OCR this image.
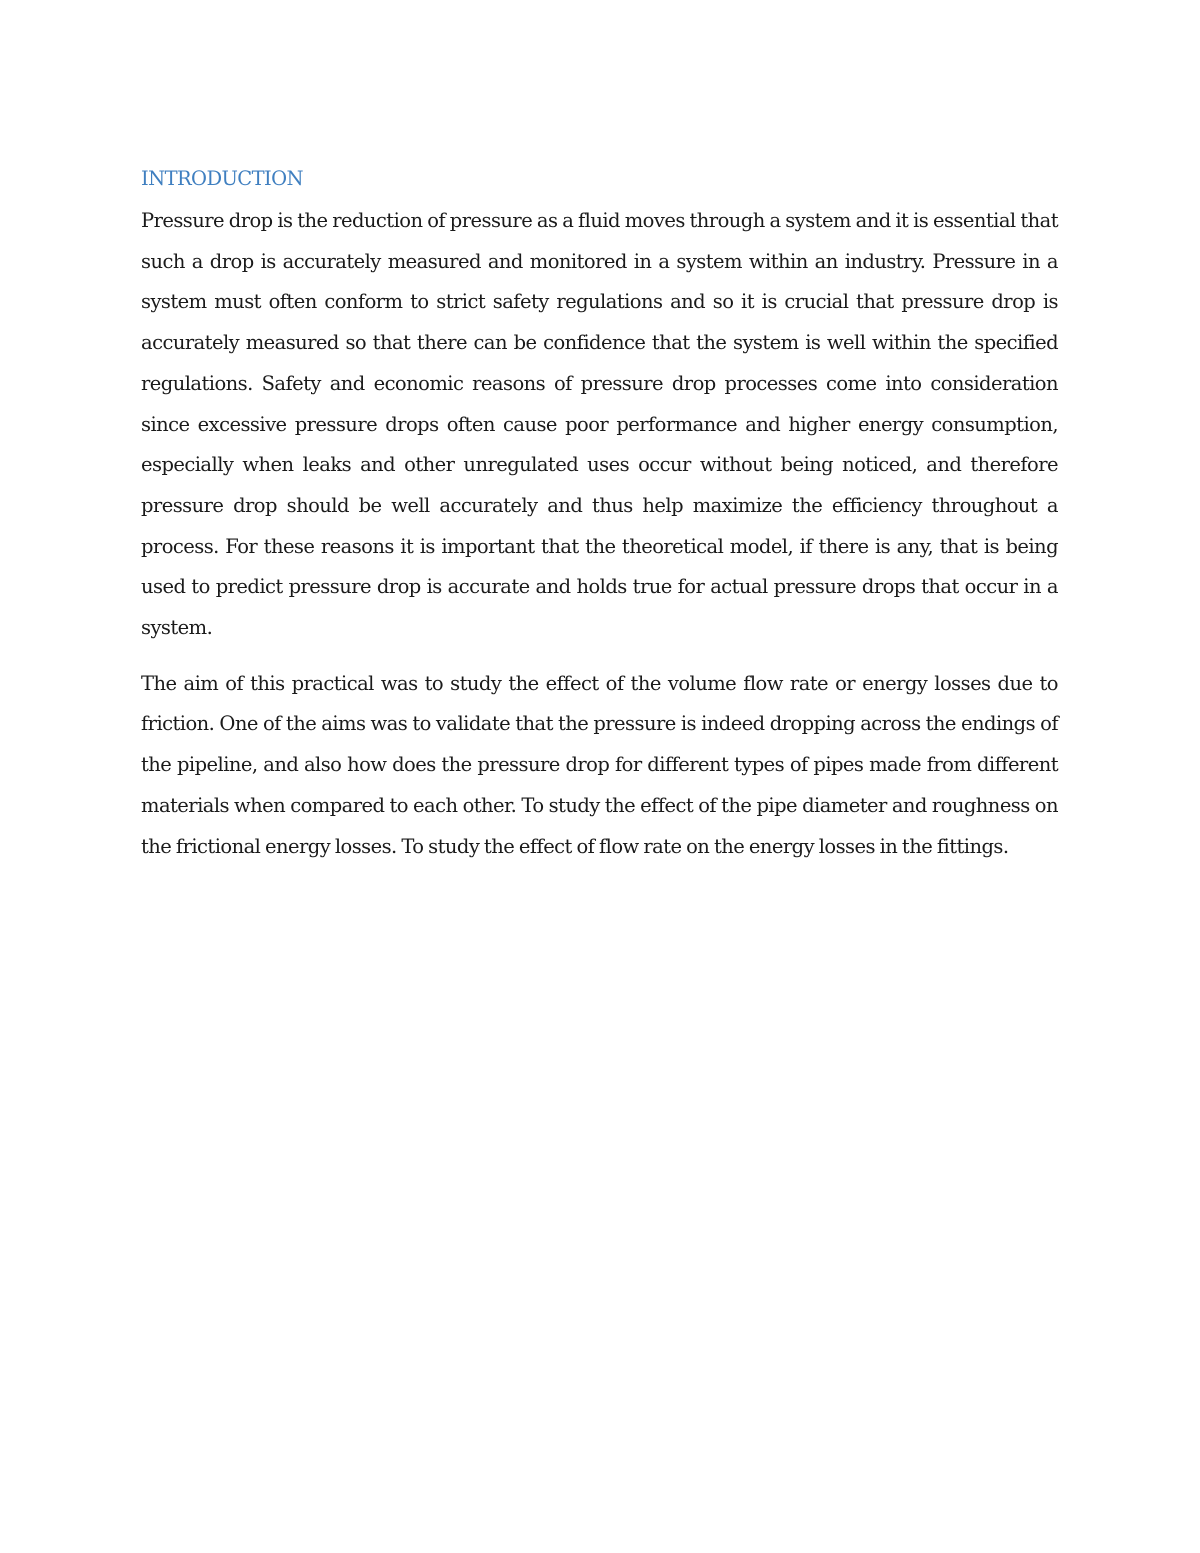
INTRODUCTION

Pressure drop is the reduction of pressure as a fluid moves through a system and it is essential that such a drop is accurately measured and monitored in a system within an industry. Pressure in a system must often conform to strict safety regulations and so it is crucial that pressure drop is accurately measured so that there can be confidence that the system is well within the specified regulations. Safety and economic reasons of pressure drop processes come into consideration since excessive pressure drops often cause poor performance and higher energy consumption, especially when leaks and other unregulated uses occur without being noticed, and therefore pressure drop should be well accurately and thus help maximize the efficiency throughout a process. For these reasons it is important that the theoretical model, if there is any, that is being used to predict pressure drop is accurate and holds true for actual pressure drops that occur in a system.

The aim of this practical was to study the effect of the volume flow rate or energy losses due to friction. One of the aims was to validate that the pressure is indeed dropping across the endings of the pipeline, and also how does the pressure drop for different types of pipes made from different materials when compared to each other. To study the effect of the pipe diameter and roughness on the frictional energy losses. To study the effect of flow rate on the energy losses in the fittings.
